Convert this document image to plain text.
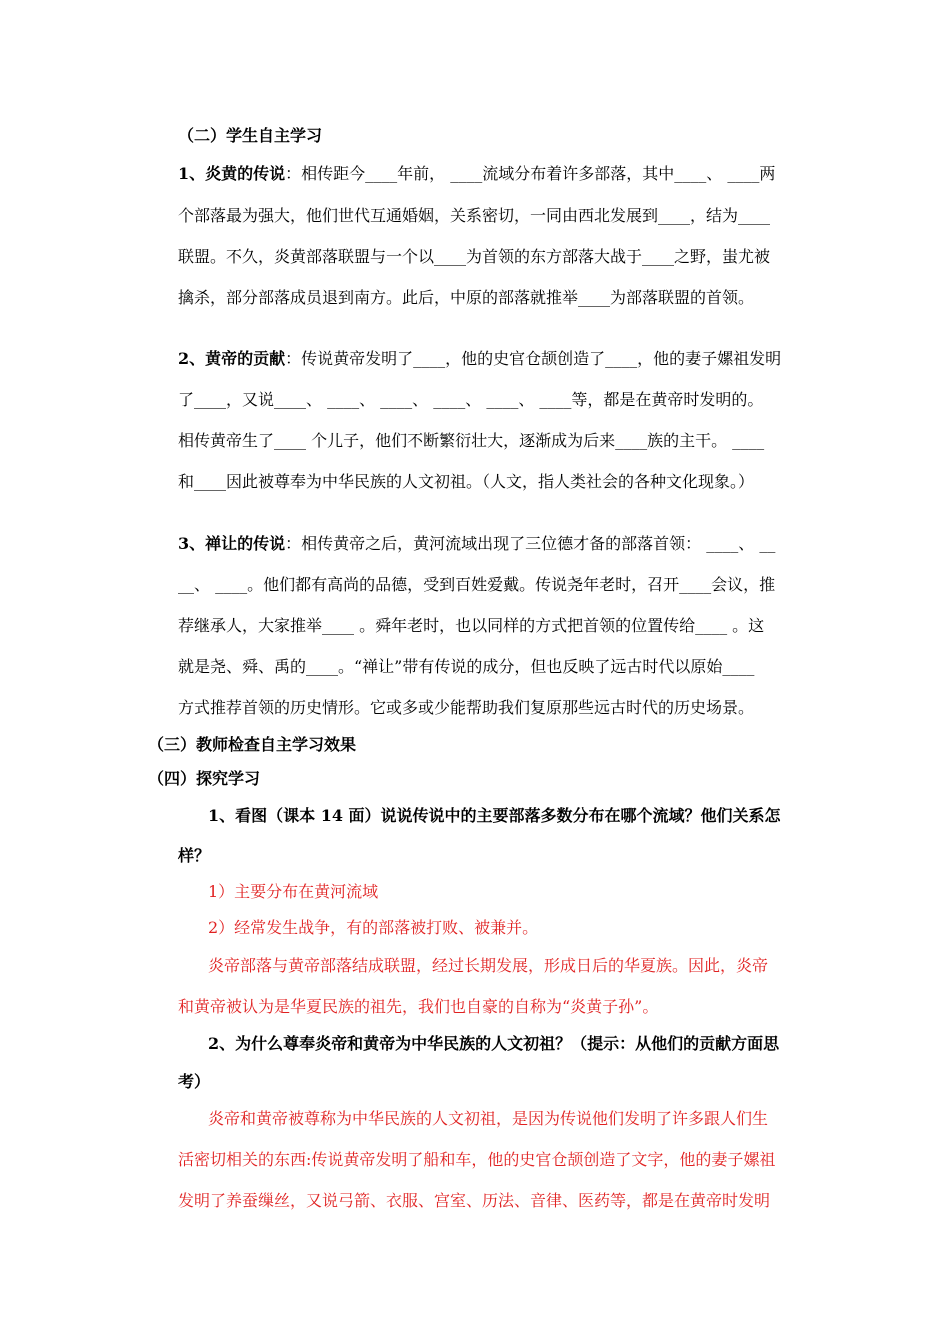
（二）学生自主学习
1、炎黄的传说：相传距今____年前， ____流域分布着许多部落，其中____、 ____两
个部落最为强大，他们世代互通婚姻，关系密切，一同由西北发展到____，结为____
联盟。不久，炎黄部落联盟与一个以____为首领的东方部落大战于____之野，蚩尤被
擒杀，部分部落成员退到南方。此后，中原的部落就推举____为部落联盟的首领。
2、黄帝的贡献：传说黄帝发明了____，他的史官仓颉创造了____，他的妻子嫘祖发明
了____，又说____、 ____、 ____、 ____、 ____、 ____等，都是在黄帝时发明的。
相传黄帝生了____ 个儿子，他们不断繁衍壮大，逐渐成为后来____族的主干。 ____
和____因此被尊奉为中华民族的人文初祖。（人文，指人类社会的各种文化现象。）
3、禅让的传说：相传黄帝之后，黄河流域出现了三位德才备的部落首领： ____、 __
__、 ____。他们都有高尚的品德，受到百姓爱戴。传说尧年老时，召开____会议，推
荐继承人，大家推举____ 。舜年老时，也以同样的方式把首领的位置传给____ 。这
就是尧、舜、禹的____。“禅让”带有传说的成分，但也反映了远古时代以原始____
方式推荐首领的历史情形。它或多或少能帮助我们复原那些远古时代的历史场景。
（三）教师检查自主学习效果
（四）探究学习
1、看图（课本 14 面）说说传说中的主要部落多数分布在哪个流域？他们关系怎
样？
1）主要分布在黄河流域
2）经常发生战争，有的部落被打败、被兼并。
炎帝部落与黄帝部落结成联盟，经过长期发展，形成日后的华夏族。因此，炎帝
和黄帝被认为是华夏民族的祖先，我们也自豪的自称为“炎黄子孙”。
2、为什么尊奉炎帝和黄帝为中华民族的人文初祖？（提示：从他们的贡献方面思
考）
炎帝和黄帝被尊称为中华民族的人文初祖，是因为传说他们发明了许多跟人们生
活密切相关的东西:传说黄帝发明了船和车，他的史官仓颉创造了文字，他的妻子嫘祖
发明了养蚕缫丝，又说弓箭、衣服、宫室、历法、音律、医药等，都是在黄帝时发明
